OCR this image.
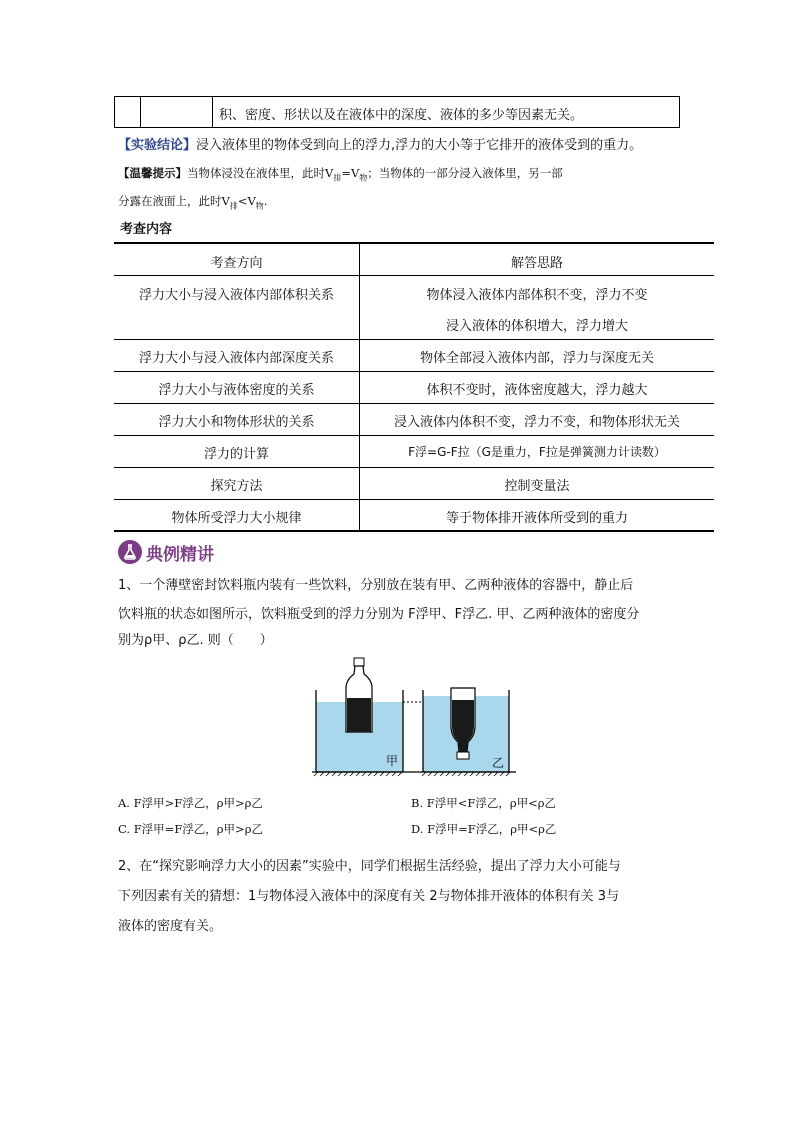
积、密度、形状以及在液体中的深度、液体的多少等因素无关。
【实验结论】浸入液体里的物体受到向上的浮力,浮力的大小等于它排开的液体受到的重力。
【温馨提示】当物体浸没在液体里，此时$V_排=V_物$；当物体的一部分浸入液体里，另一部
分露在液面上，此时$V_排<V_物$.
考查内容
考查方向	解答思路
浮力大小与浸入液体内部体积关系	物体浸入液体内部体积不变，浮力不变
浸入液体的体积增大，浮力增大
浮力大小与浸入液体内部深度关系	物体全部浸入液体内部，浮力与深度无关
浮力大小与液体密度的关系	体积不变时，液体密度越大，浮力越大
浮力大小和物体形状的关系	浸入液体内体积不变，浮力不变，和物体形状无关
浮力的计算	F浮=G-F拉（G是重力，F拉是弹簧测力计读数）
探究方法	控制变量法
物体所受浮力大小规律	等于物体排开液体所受到的重力
典例精讲
1、一个薄壁密封饮料瓶内装有一些饮料，分别放在装有甲、乙两种液体的容器中，静止后
饮料瓶的状态如图所示，饮料瓶受到的浮力分别为 F浮甲、F浮乙. 甲、乙两种液体的密度分
别为ρ甲、ρ乙. 则（　　）
甲	乙
A. F浮甲>F浮乙，ρ甲>ρ乙	B. F浮甲<F浮乙，ρ甲<ρ乙
C. F浮甲=F浮乙，ρ甲>ρ乙	D. F浮甲=F浮乙，ρ甲<ρ乙
2、在“探究影响浮力大小的因素”实验中，同学们根据生活经验，提出了浮力大小可能与
下列因素有关的猜想：1与物体浸入液体中的深度有关 2与物体排开液体的体积有关 3与
液体的密度有关。
